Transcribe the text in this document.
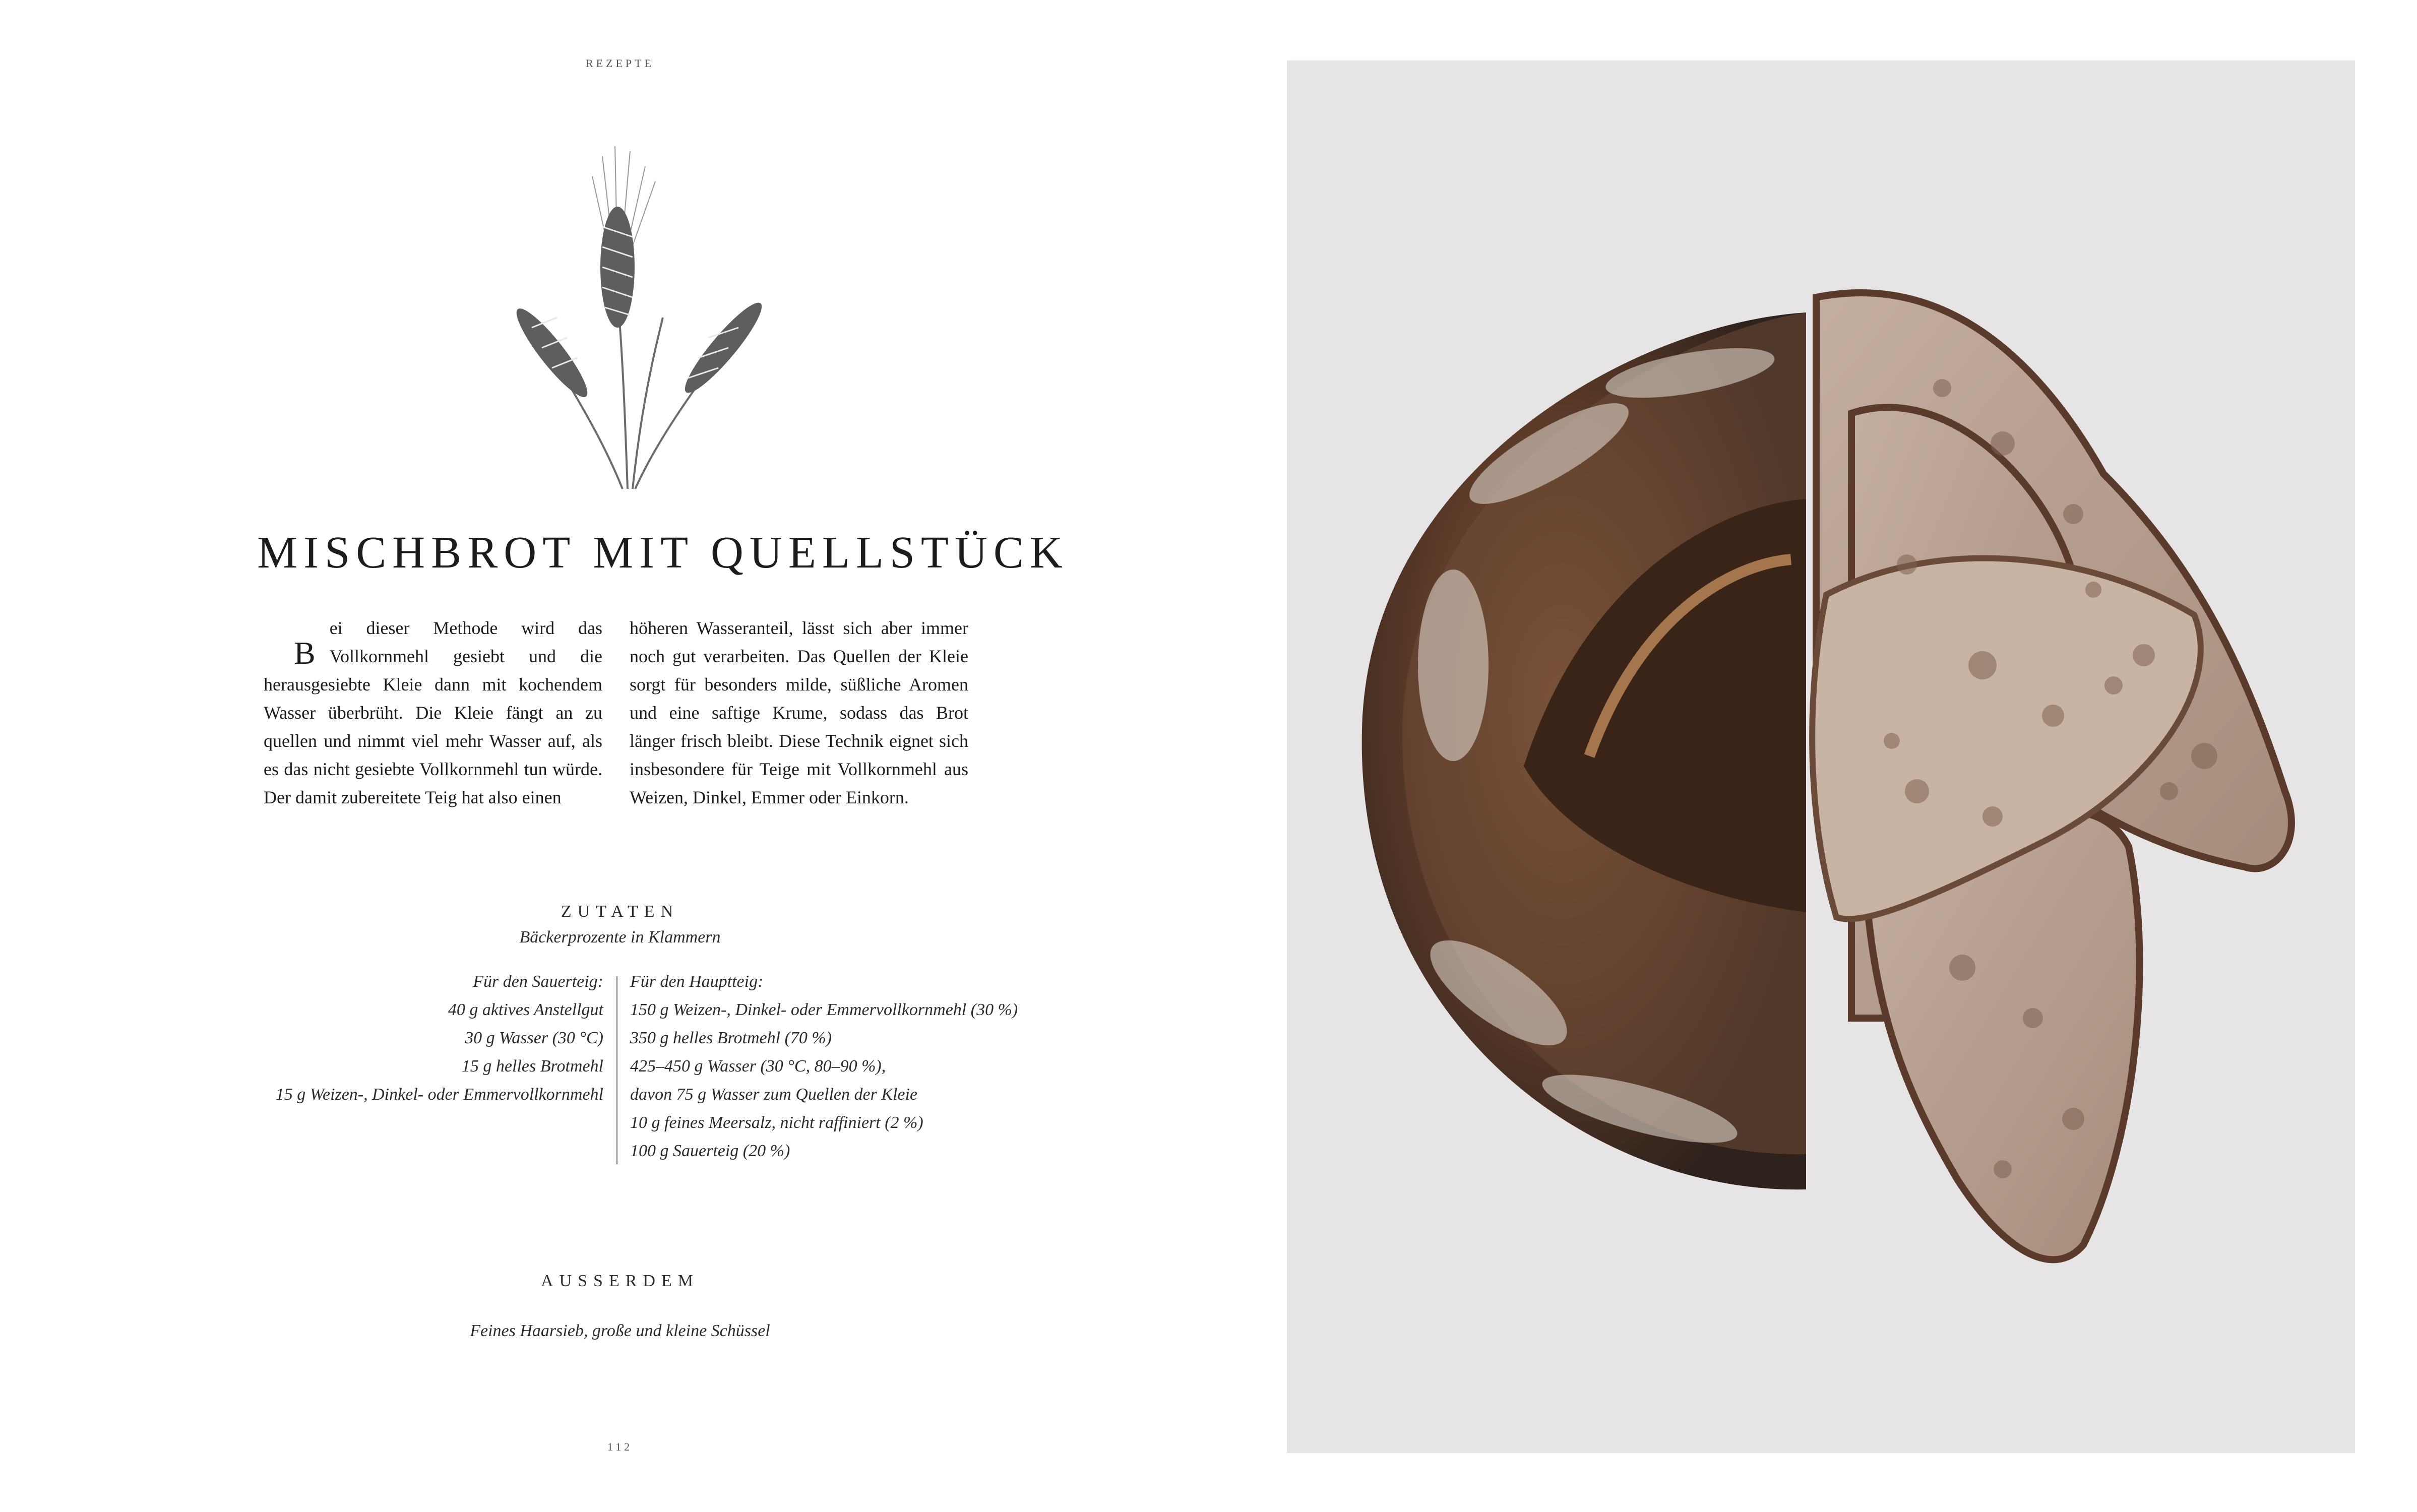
REZEPTE
MISCHBROT MIT QUELLSTÜCK
B
ei dieser Methode wird das Vollkornmehl gesiebt und die herausgesiebte Kleie dann mit kochendem Wasser überbrüht. Die Kleie fängt an zu quellen und nimmt viel mehr Wasser auf, als es das nicht gesiebte Vollkornmehl tun würde. Der damit zubereitete Teig hat also einen
höheren Wasseranteil, lässt sich aber immer noch gut verarbeiten. Das Quellen der Kleie sorgt für besonders milde, süßliche Aromen und eine saftige Krume, sodass das Brot länger frisch bleibt. Diese Technik eignet sich insbesondere für Teige mit Vollkornmehl aus Weizen, Dinkel, Emmer oder Einkorn.
ZUTATEN
Bäckerprozente in Klammern
Für den Sauerteig:
40 g aktives Anstellgut
30 g Wasser (30 °C)
15 g helles Brotmehl
15 g Weizen-, Dinkel- oder Emmervollkornmehl
Für den Hauptteig:
150 g Weizen-, Dinkel- oder Emmervollkornmehl (30 %)
350 g helles Brotmehl (70 %)
425–450 g Wasser (30 °C, 80–90 %),
davon 75 g Wasser zum Quellen der Kleie
10 g feines Meersalz, nicht raffiniert (2 %)
100 g Sauerteig (20 %)
AUSSERDEM
Feines Haarsieb, große und kleine Schüssel
112
